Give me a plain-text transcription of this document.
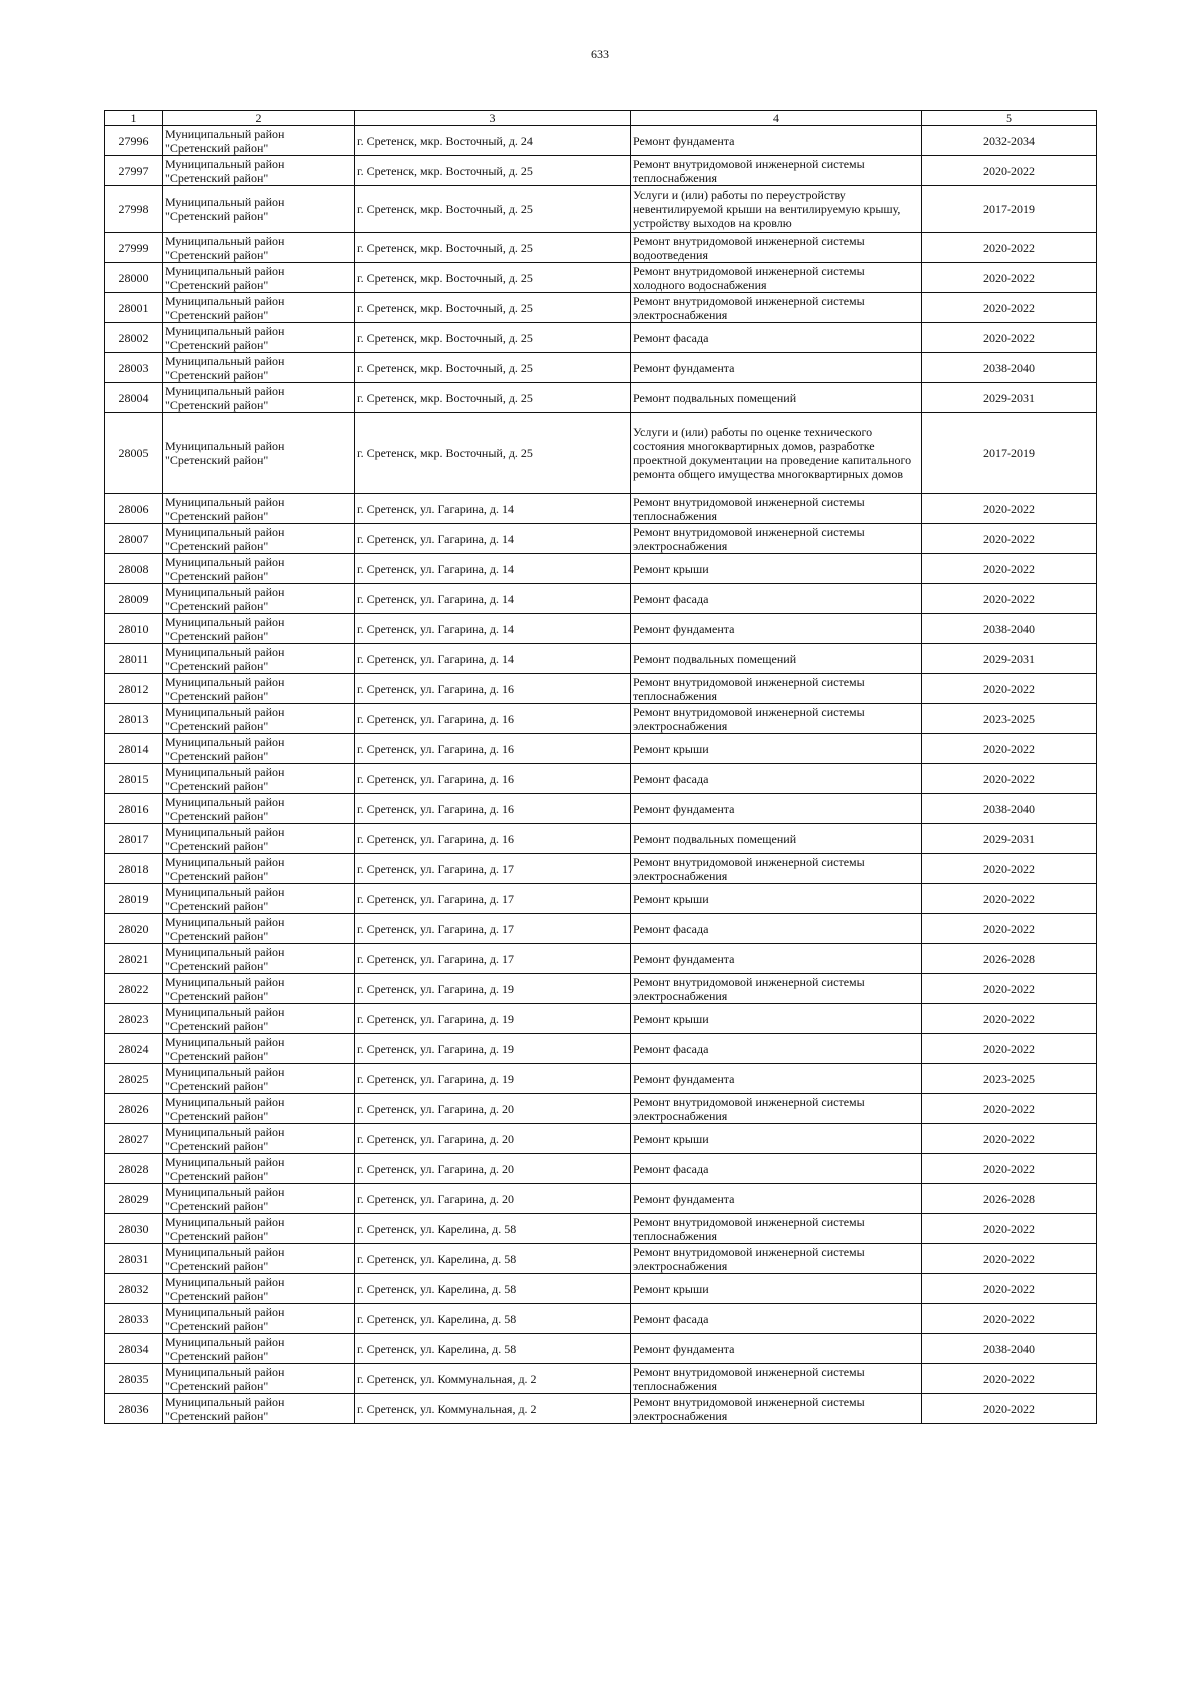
633
1	2	3	4	5
27996	Муниципальный район "Сретенский район"	г. Сретенск, мкр. Восточный, д. 24	Ремонт фундамента	2032-2034
27997	Муниципальный район "Сретенский район"	г. Сретенск, мкр. Восточный, д. 25	Ремонт внутридомовой инженерной системы теплоснабжения	2020-2022
27998	Муниципальный район "Сретенский район"	г. Сретенск, мкр. Восточный, д. 25	Услуги и (или) работы по переустройству невентилируемой крыши на вентилируемую крышу, устройству выходов на кровлю	2017-2019
27999	Муниципальный район "Сретенский район"	г. Сретенск, мкр. Восточный, д. 25	Ремонт внутридомовой инженерной системы водоотведения	2020-2022
28000	Муниципальный район "Сретенский район"	г. Сретенск, мкр. Восточный, д. 25	Ремонт внутридомовой инженерной системы холодного водоснабжения	2020-2022
28001	Муниципальный район "Сретенский район"	г. Сретенск, мкр. Восточный, д. 25	Ремонт внутридомовой инженерной системы электроснабжения	2020-2022
28002	Муниципальный район "Сретенский район"	г. Сретенск, мкр. Восточный, д. 25	Ремонт фасада	2020-2022
28003	Муниципальный район "Сретенский район"	г. Сретенск, мкр. Восточный, д. 25	Ремонт фундамента	2038-2040
28004	Муниципальный район "Сретенский район"	г. Сретенск, мкр. Восточный, д. 25	Ремонт подвальных помещений	2029-2031
28005	Муниципальный район "Сретенский район"	г. Сретенск, мкр. Восточный, д. 25	Услуги и (или) работы по оценке технического состояния многоквартирных домов, разработке проектной документации на проведение капитального ремонта общего имущества многоквартирных домов	2017-2019
28006	Муниципальный район "Сретенский район"	г. Сретенск, ул. Гагарина, д. 14	Ремонт внутридомовой инженерной системы теплоснабжения	2020-2022
28007	Муниципальный район "Сретенский район"	г. Сретенск, ул. Гагарина, д. 14	Ремонт внутридомовой инженерной системы электроснабжения	2020-2022
28008	Муниципальный район "Сретенский район"	г. Сретенск, ул. Гагарина, д. 14	Ремонт крыши	2020-2022
28009	Муниципальный район "Сретенский район"	г. Сретенск, ул. Гагарина, д. 14	Ремонт фасада	2020-2022
28010	Муниципальный район "Сретенский район"	г. Сретенск, ул. Гагарина, д. 14	Ремонт фундамента	2038-2040
28011	Муниципальный район "Сретенский район"	г. Сретенск, ул. Гагарина, д. 14	Ремонт подвальных помещений	2029-2031
28012	Муниципальный район "Сретенский район"	г. Сретенск, ул. Гагарина, д. 16	Ремонт внутридомовой инженерной системы теплоснабжения	2020-2022
28013	Муниципальный район "Сретенский район"	г. Сретенск, ул. Гагарина, д. 16	Ремонт внутридомовой инженерной системы электроснабжения	2023-2025
28014	Муниципальный район "Сретенский район"	г. Сретенск, ул. Гагарина, д. 16	Ремонт крыши	2020-2022
28015	Муниципальный район "Сретенский район"	г. Сретенск, ул. Гагарина, д. 16	Ремонт фасада	2020-2022
28016	Муниципальный район "Сретенский район"	г. Сретенск, ул. Гагарина, д. 16	Ремонт фундамента	2038-2040
28017	Муниципальный район "Сретенский район"	г. Сретенск, ул. Гагарина, д. 16	Ремонт подвальных помещений	2029-2031
28018	Муниципальный район "Сретенский район"	г. Сретенск, ул. Гагарина, д. 17	Ремонт внутридомовой инженерной системы электроснабжения	2020-2022
28019	Муниципальный район "Сретенский район"	г. Сретенск, ул. Гагарина, д. 17	Ремонт крыши	2020-2022
28020	Муниципальный район "Сретенский район"	г. Сретенск, ул. Гагарина, д. 17	Ремонт фасада	2020-2022
28021	Муниципальный район "Сретенский район"	г. Сретенск, ул. Гагарина, д. 17	Ремонт фундамента	2026-2028
28022	Муниципальный район "Сретенский район"	г. Сретенск, ул. Гагарина, д. 19	Ремонт внутридомовой инженерной системы электроснабжения	2020-2022
28023	Муниципальный район "Сретенский район"	г. Сретенск, ул. Гагарина, д. 19	Ремонт крыши	2020-2022
28024	Муниципальный район "Сретенский район"	г. Сретенск, ул. Гагарина, д. 19	Ремонт фасада	2020-2022
28025	Муниципальный район "Сретенский район"	г. Сретенск, ул. Гагарина, д. 19	Ремонт фундамента	2023-2025
28026	Муниципальный район "Сретенский район"	г. Сретенск, ул. Гагарина, д. 20	Ремонт внутридомовой инженерной системы электроснабжения	2020-2022
28027	Муниципальный район "Сретенский район"	г. Сретенск, ул. Гагарина, д. 20	Ремонт крыши	2020-2022
28028	Муниципальный район "Сретенский район"	г. Сретенск, ул. Гагарина, д. 20	Ремонт фасада	2020-2022
28029	Муниципальный район "Сретенский район"	г. Сретенск, ул. Гагарина, д. 20	Ремонт фундамента	2026-2028
28030	Муниципальный район "Сретенский район"	г. Сретенск, ул. Карелина, д. 58	Ремонт внутридомовой инженерной системы теплоснабжения	2020-2022
28031	Муниципальный район "Сретенский район"	г. Сретенск, ул. Карелина, д. 58	Ремонт внутридомовой инженерной системы электроснабжения	2020-2022
28032	Муниципальный район "Сретенский район"	г. Сретенск, ул. Карелина, д. 58	Ремонт крыши	2020-2022
28033	Муниципальный район "Сретенский район"	г. Сретенск, ул. Карелина, д. 58	Ремонт фасада	2020-2022
28034	Муниципальный район "Сретенский район"	г. Сретенск, ул. Карелина, д. 58	Ремонт фундамента	2038-2040
28035	Муниципальный район "Сретенский район"	г. Сретенск, ул. Коммунальная, д. 2	Ремонт внутридомовой инженерной системы теплоснабжения	2020-2022
28036	Муниципальный район "Сретенский район"	г. Сретенск, ул. Коммунальная, д. 2	Ремонт внутридомовой инженерной системы электроснабжения	2020-2022
